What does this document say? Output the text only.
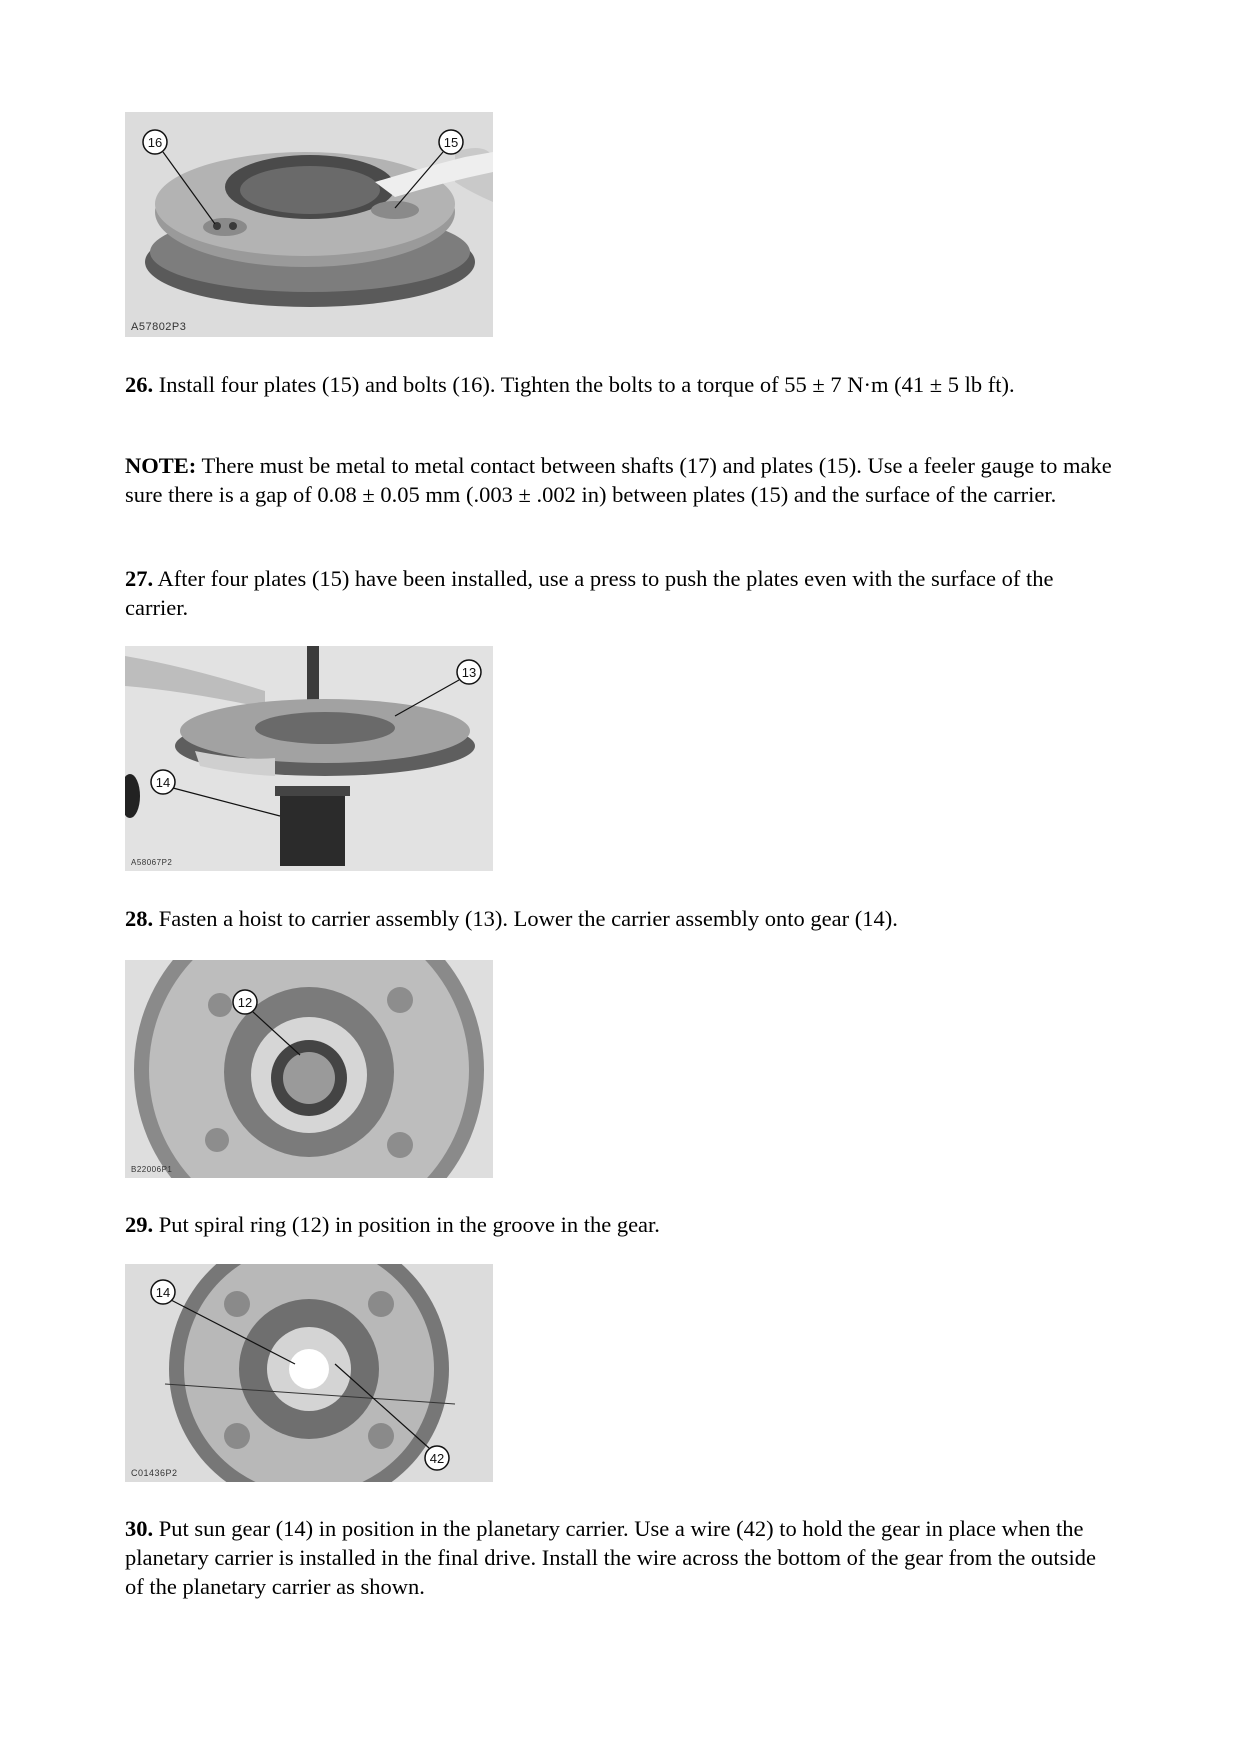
16	15
A57802P3

26. Install four plates (15) and bolts (16). Tighten the bolts to a torque of 55 ± 7 N·m (41 ± 5 lb ft).

NOTE: There must be metal to metal contact between shafts (17) and plates (15). Use a feeler gauge to make sure there is a gap of 0.08 ± 0.05 mm (.003 ± .002 in) between plates (15) and the surface of the carrier.

27. After four plates (15) have been installed, use a press to push the plates even with the surface of the carrier.

13
14
A58067P2

28. Fasten a hoist to carrier assembly (13). Lower the carrier assembly onto gear (14).

12
B22006P1

29. Put spiral ring (12) in position in the groove in the gear.

14
42
C01436P2

30. Put sun gear (14) in position in the planetary carrier. Use a wire (42) to hold the gear in place when the planetary carrier is installed in the final drive. Install the wire across the bottom of the gear from the outside of the planetary carrier as shown.
